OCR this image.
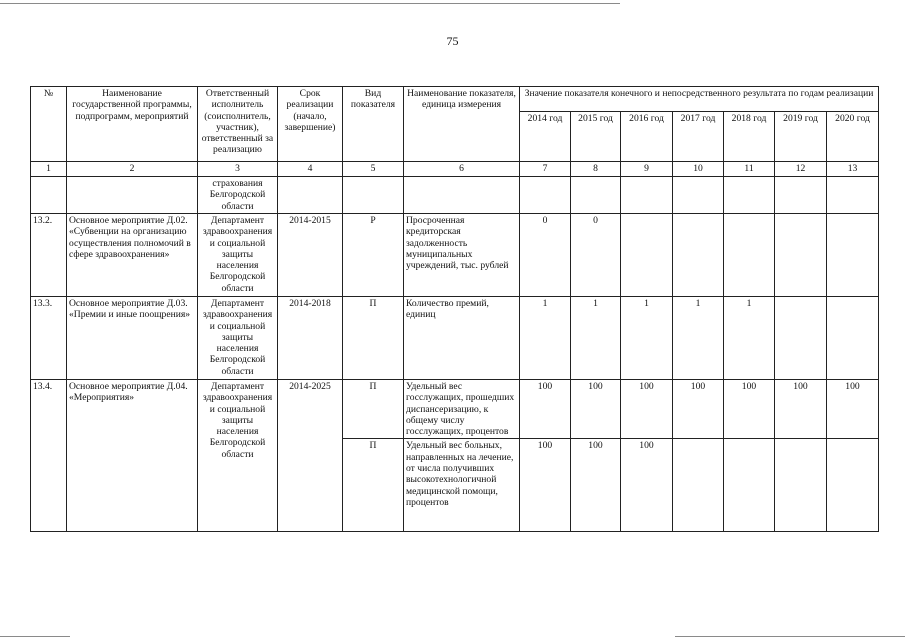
75
№	Наименование государственной программы, подпрограмм, мероприятий	Ответственный исполнитель (соисполнитель, участник), ответственный за реализацию	Срок реализации (начало, завершение)	Вид показателя	Наименование показателя, единица измерения	Значение показателя конечного и непосредственного результата по годам реализации						
						2014 год	2015 год	2016 год	2017 год	2018 год	2019 год	2020 год
1	2	3	4	5	6	7	8	9	10	11	12	13
		страхования Белгородской области										
13.2.	Основное мероприятие Д.02. «Субвенции на организацию осуществления полномочий в сфере здравоохранения»	Департамент здравоохранения и социальной защиты населения Белгородской области	2014-2015	Р	Просроченная кредиторская задолженность муниципальных учреждений, тыс. рублей	0	0					
13.3.	Основное мероприятие Д.03. «Премии и иные поощрения»	Департамент здравоохранения и социальной защиты населения Белгородской области	2014-2018	П	Количество премий, единиц	1	1	1	1	1		
13.4.	Основное мероприятие Д.04. «Мероприятия»	Департамент здравоохранения и социальной защиты населения Белгородской области	2014-2025	П	Удельный вес госслужащих, прошедших диспансеризацию, к общему числу госслужащих, процентов	100	100	100	100	100	100	100
				П	Удельный вес больных, направленных на лечение, от числа получивших высокотехнологичной медицинской помощи, процентов	100	100	100				
